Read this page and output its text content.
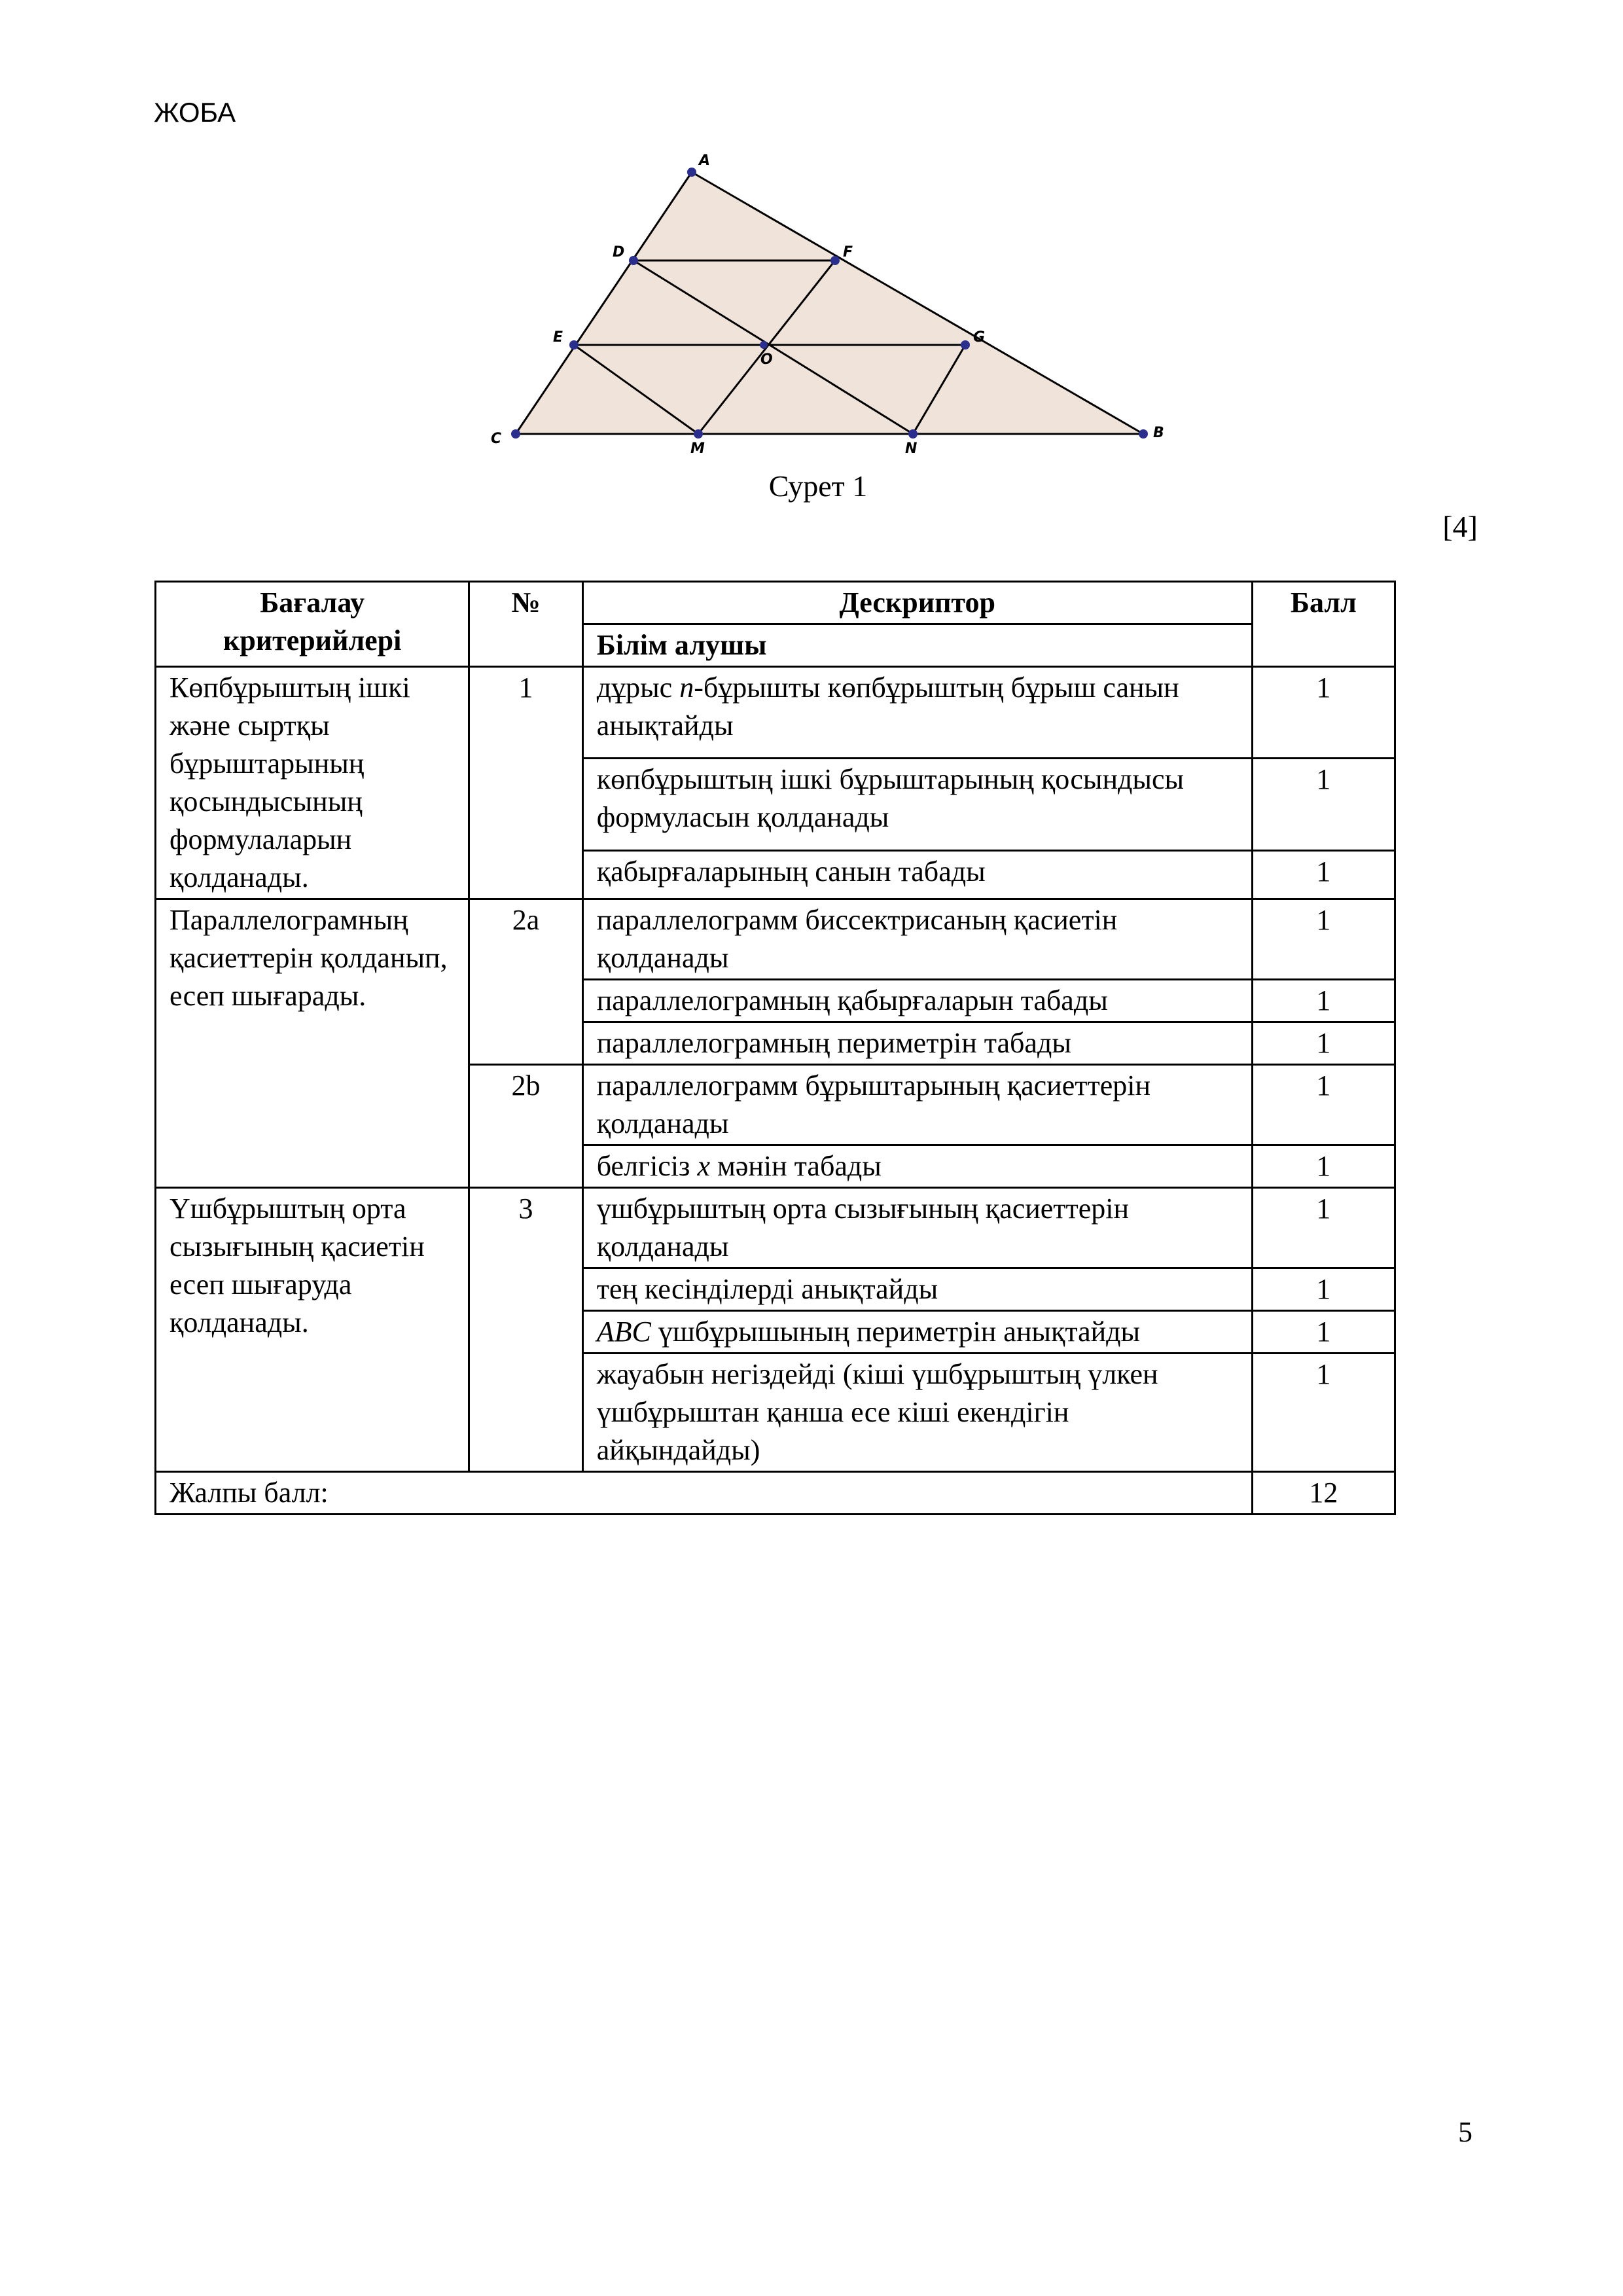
ЖОБА
A
B
C
D
E
F
G
O
M	N
Сурет 1
[4]
Бағалау критерийлері	№	Дескриптор	Балл
		Білім алушы	
Көпбұрыштың ішкі және сыртқы бұрыштарының қосындысының формулаларын қолданады.	1	дұрыс n-бұрышты көпбұрыштың бұрыш санын анықтайды	1
		көпбұрыштың ішкі бұрыштарының қосындысы формуласын қолданады	1
		қабырғаларының санын табады	1
Параллелограмның қасиеттерін қолданып, есеп шығарады.	2a	параллелограмм биссектрисаның қасиетін қолданады	1
		параллелограмның қабырғаларын табады	1
		параллелограмның периметрін табады	1
	2b	параллелограмм бұрыштарының қасиеттерін қолданады	1
		белгісіз x мәнін табады	1
Үшбұрыштың орта сызығының қасиетін есеп шығаруда қолданады.	3	үшбұрыштың орта сызығының қасиеттерін қолданады	1
		тең кесінділерді анықтайды	1
		ABC үшбұрышының периметрін анықтайды	1
		жауабын негіздейді (кіші үшбұрыштың үлкен үшбұрыштан қанша есе кіші екендігін айқындайды)	1
Жалпы балл:			12
5
